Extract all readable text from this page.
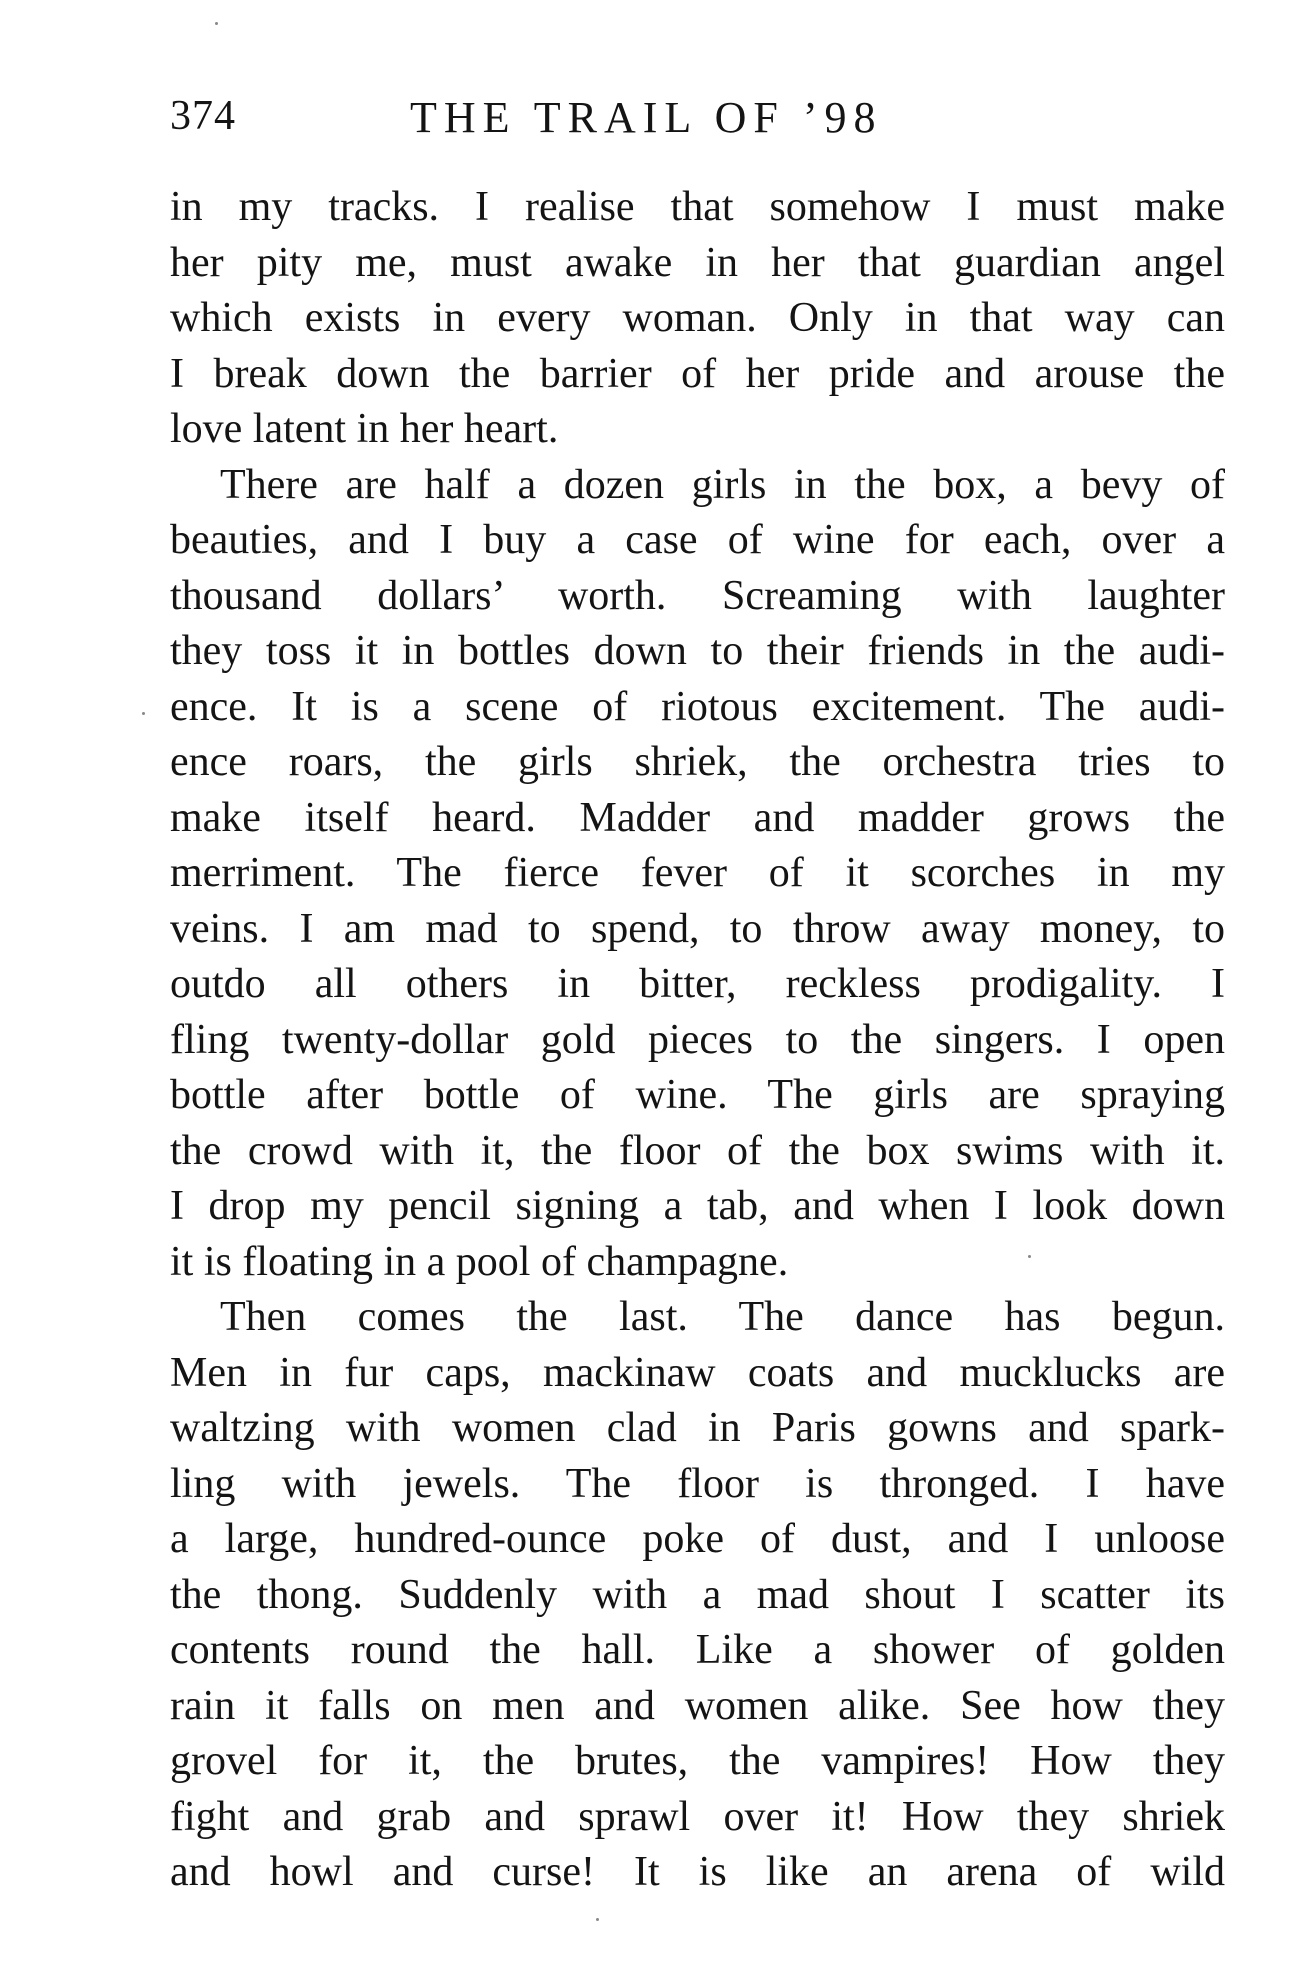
374	THE TRAIL OF ’98
in my tracks. I realise that somehow I must make
her pity me, must awake in her that guardian angel
which exists in every woman. Only in that way can
I break down the barrier of her pride and arouse the
love latent in her heart.
There are half a dozen girls in the box, a bevy of
beauties, and I buy a case of wine for each, over a
thousand dollars’ worth. Screaming with laughter
they toss it in bottles down to their friends in the audi-
ence. It is a scene of riotous excitement. The audi-
ence roars, the girls shriek, the orchestra tries to
make itself heard. Madder and madder grows the
merriment. The fierce fever of it scorches in my
veins. I am mad to spend, to throw away money, to
outdo all others in bitter, reckless prodigality. I
fling twenty-dollar gold pieces to the singers. I open
bottle after bottle of wine. The girls are spraying
the crowd with it, the floor of the box swims with it.
I drop my pencil signing a tab, and when I look down
it is floating in a pool of champagne.
Then comes the last. The dance has begun.
Men in fur caps, mackinaw coats and mucklucks are
waltzing with women clad in Paris gowns and spark-
ling with jewels. The floor is thronged. I have
a large, hundred-ounce poke of dust, and I unloose
the thong. Suddenly with a mad shout I scatter its
contents round the hall. Like a shower of golden
rain it falls on men and women alike. See how they
grovel for it, the brutes, the vampires! How they
fight and grab and sprawl over it! How they shriek
and howl and curse! It is like an arena of wild
